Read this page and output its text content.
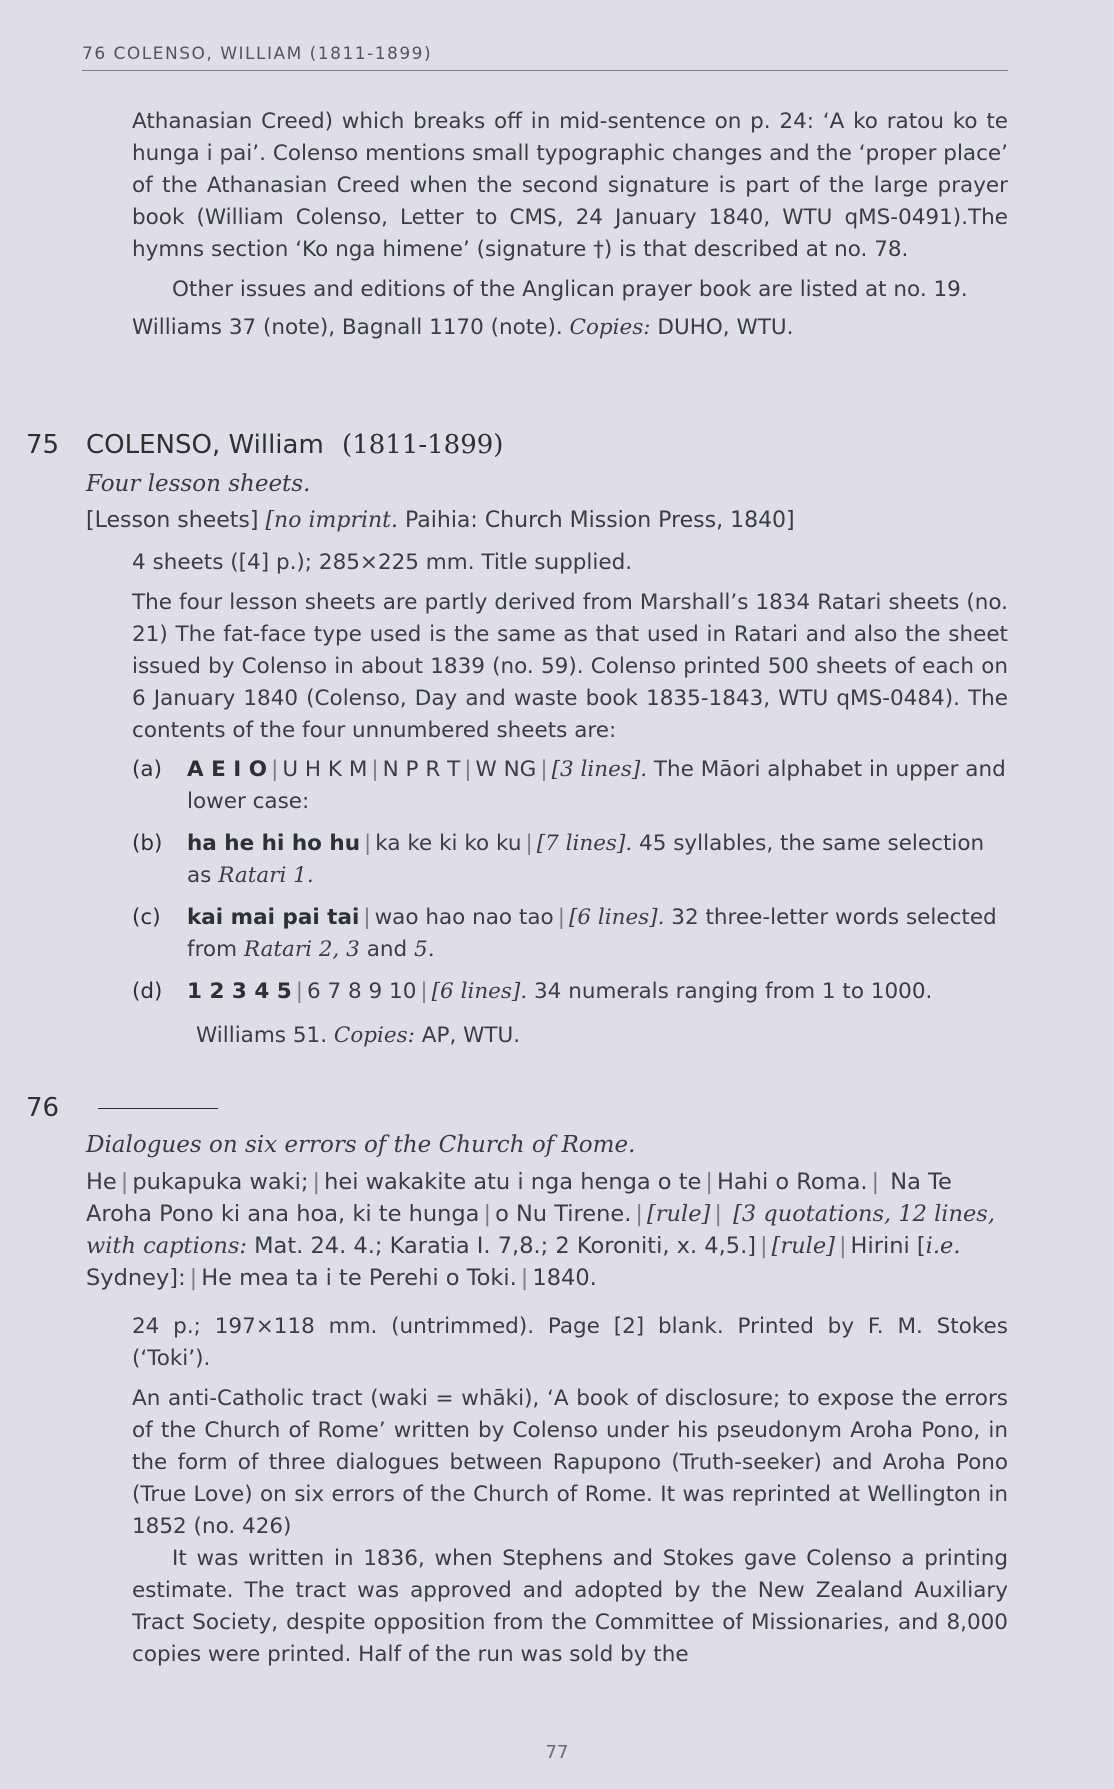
76 COLENSO, WILLIAM (1811-1899)
Athanasian Creed) which breaks off in mid-sentence on p. 24: ‘A ko ratou ko te hunga i pai’. Colenso mentions small typographic changes and the ‘proper place’ of the Athanasian Creed when the second signature is part of the large prayer book (William Colenso, Letter to CMS, 24 January 1840, WTU qMS-0491).The hymns section ‘Ko nga himene’ (signature †) is that described at no. 78.
Other issues and editions of the Anglican prayer book are listed at no. 19.
Williams 37 (note), Bagnall 1170 (note). Copies: DUHO, WTU.
75 COLENSO, William (1811-1899)
Four lesson sheets.
[Lesson sheets] [no imprint. Paihia: Church Mission Press, 1840]
4 sheets ([4] p.); 285×225 mm. Title supplied.
The four lesson sheets are partly derived from Marshall’s 1834 Ratari sheets (no. 21) The fat-face type used is the same as that used in Ratari and also the sheet issued by Colenso in about 1839 (no. 59). Colenso printed 500 sheets of each on 6 January 1840 (Colenso, Day and waste book 1835-1843, WTU qMS-0484). The contents of the four unnumbered sheets are:
(a) A E I O | U H K M | N P R T | W NG | [3 lines]. The Māori alphabet in upper and lower case:
(b) ha he hi ho hu | ka ke ki ko ku | [7 lines]. 45 syllables, the same selection as Ratari 1.
(c) kai mai pai tai | wao hao nao tao | [6 lines]. 32 three-letter words selected from Ratari 2, 3 and 5.
(d) 1 2 3 4 5 | 6 7 8 9 10 | [6 lines]. 34 numerals ranging from 1 to 1000.
Williams 51. Copies: AP, WTU.
76
Dialogues on six errors of the Church of Rome.
He | pukapuka waki; | hei wakakite atu i nga henga o te | Hahi o Roma. | Na Te Aroha Pono ki ana hoa, ki te hunga | o Nu Tirene. | [rule] | [3 quotations, 12 lines, with captions: Mat. 24. 4.; Karatia I. 7,8.; 2 Koroniti, x. 4,5.] | [rule] | Hirini [i.e. Sydney]: | He mea ta i te Perehi o Toki. | 1840.
24 p.; 197×118 mm. (untrimmed). Page [2] blank. Printed by F. M. Stokes (‘Toki’).
An anti-Catholic tract (waki = whāki), ‘A book of disclosure; to expose the errors of the Church of Rome’ written by Colenso under his pseudonym Aroha Pono, in the form of three dialogues between Rapupono (Truth-seeker) and Aroha Pono (True Love) on six errors of the Church of Rome. It was reprinted at Wellington in 1852 (no. 426)
It was written in 1836, when Stephens and Stokes gave Colenso a printing estimate. The tract was approved and adopted by the New Zealand Auxiliary Tract Society, despite opposition from the Committee of Missionaries, and 8,000 copies were printed. Half of the run was sold by the
77
